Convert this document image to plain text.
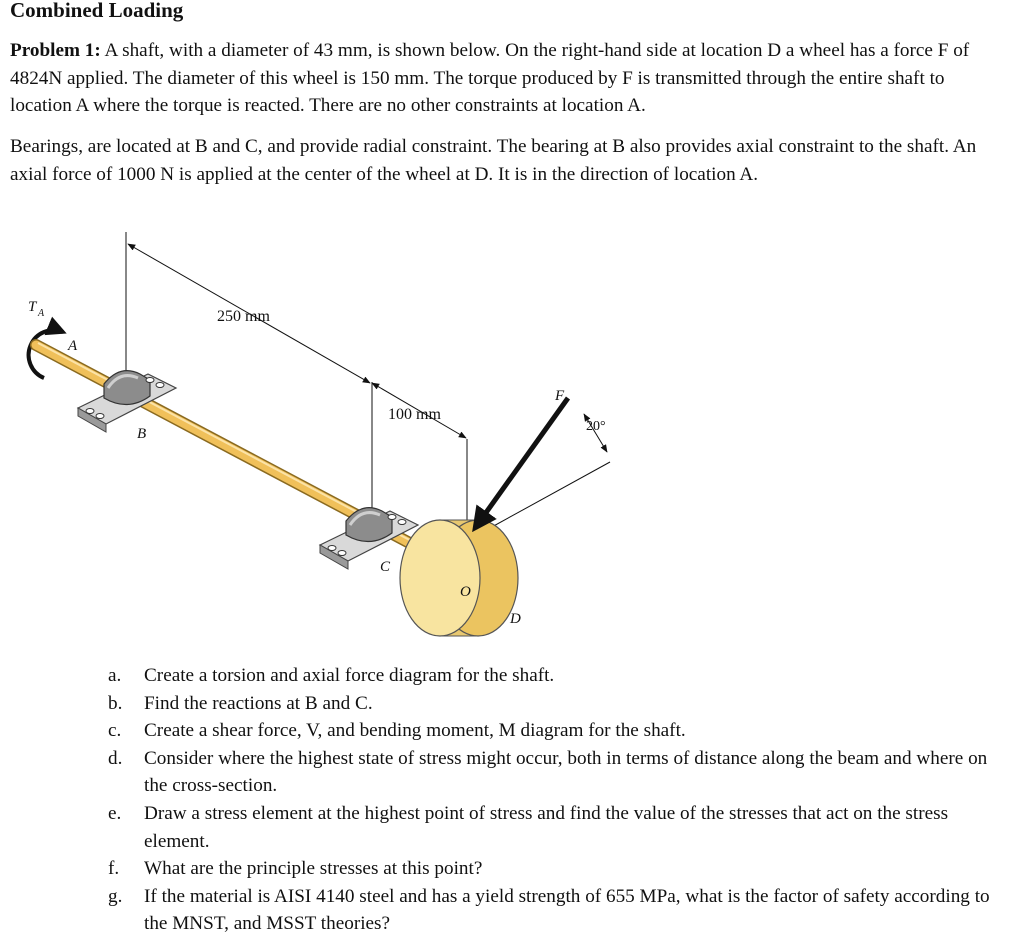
Combined Loading
Problem 1: A shaft, with a diameter of 43 mm, is shown below. On the right-hand side at location D a wheel has a force F of 4824N applied. The diameter of this wheel is 150 mm. The torque produced by F is transmitted through the entire shaft to location A where the torque is reacted. There are no other constraints at location A.
Bearings, are located at B and C, and provide radial constraint. The bearing at B also provides axial constraint to the shaft. An axial force of 1000 N is applied at the center of the wheel at D. It is in the direction of location A.
T A
A
B
C
D
O
F
250 mm
100 mm
20°
a. Create a torsion and axial force diagram for the shaft.
b. Find the reactions at B and C.
c. Create a shear force, V, and bending moment, M diagram for the shaft.
d. Consider where the highest state of stress might occur, both in terms of distance along the beam and where on the cross-section.
e. Draw a stress element at the highest point of stress and find the value of the stresses that act on the stress element.
f. What are the principle stresses at this point?
g. If the material is AISI 4140 steel and has a yield strength of 655 MPa, what is the factor of safety according to the MNST, and MSST theories?
